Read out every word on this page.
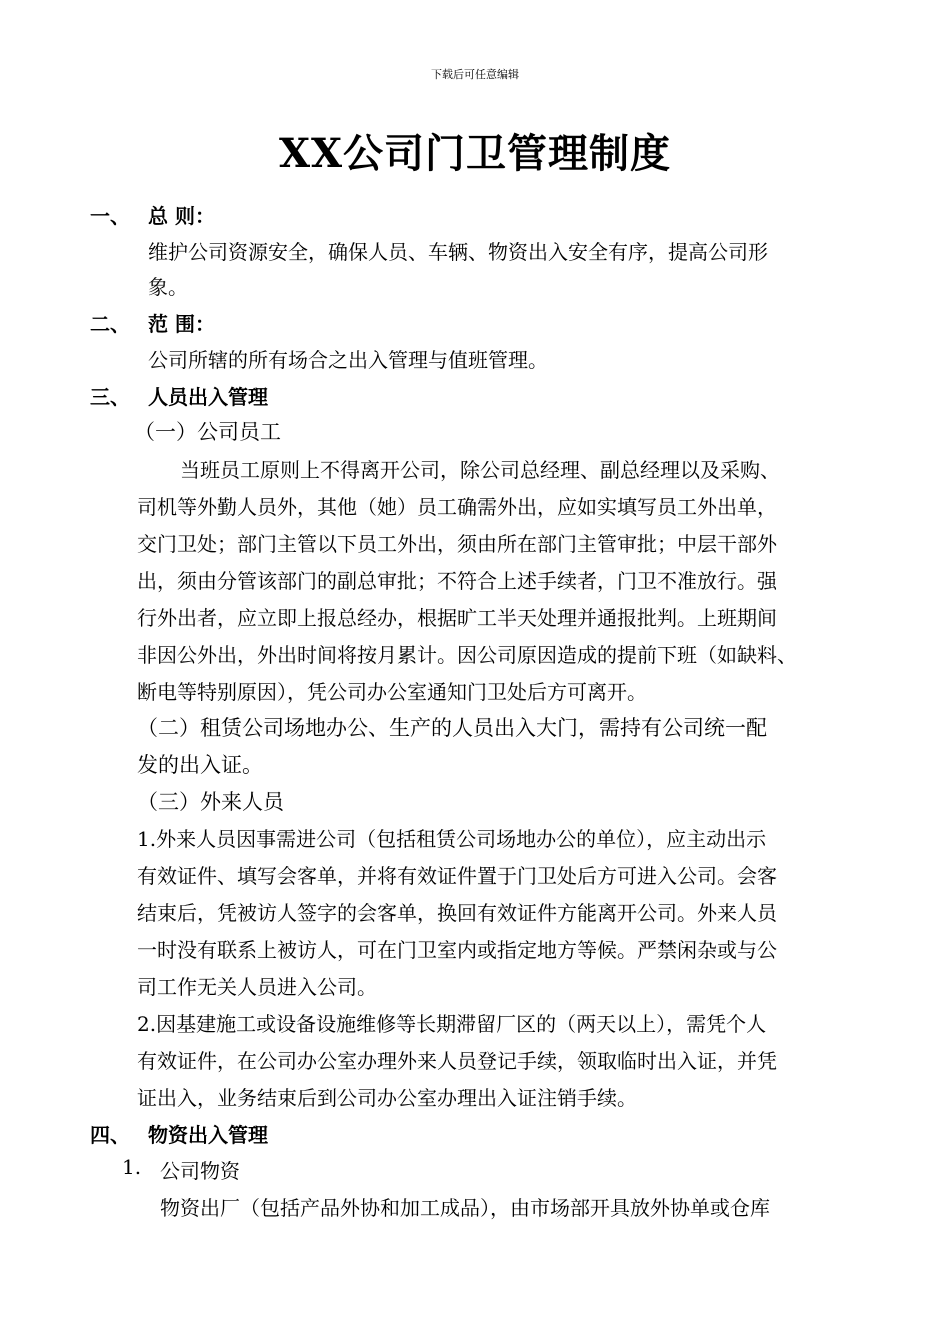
下载后可任意编辑
XX公司门卫管理制度
一、 总 则：
维护公司资源安全，确保人员、车辆、物资出入安全有序，提高公司形
象。
二、 范 围：
公司所辖的所有场合之出入管理与值班管理。
三、 人员出入管理
（一）公司员工
当班员工原则上不得离开公司，除公司总经理、副总经理以及采购、
司机等外勤人员外，其他（她）员工确需外出，应如实填写员工外出单，
交门卫处；部门主管以下员工外出，须由所在部门主管审批；中层干部外
出，须由分管该部门的副总审批；不符合上述手续者，门卫不准放行。强
行外出者，应立即上报总经办，根据旷工半天处理并通报批判。上班期间
非因公外出，外出时间将按月累计。因公司原因造成的提前下班（如缺料、
断电等特别原因），凭公司办公室通知门卫处后方可离开。
（二）租赁公司场地办公、生产的人员出入大门，需持有公司统一配
发的出入证。
（三）外来人员
1.外来人员因事需进公司（包括租赁公司场地办公的单位），应主动出示
有效证件、填写会客单，并将有效证件置于门卫处后方可进入公司。会客
结束后，凭被访人签字的会客单，换回有效证件方能离开公司。外来人员
一时没有联系上被访人，可在门卫室内或指定地方等候。严禁闲杂或与公
司工作无关人员进入公司。
2.因基建施工或设备设施维修等长期滞留厂区的（两天以上），需凭个人
有效证件，在公司办公室办理外来人员登记手续，领取临时出入证，并凭
证出入，业务结束后到公司办公室办理出入证注销手续。
四、 物资出入管理
1. 公司物资
物资出厂（包括产品外协和加工成品），由市场部开具放外协单或仓库
